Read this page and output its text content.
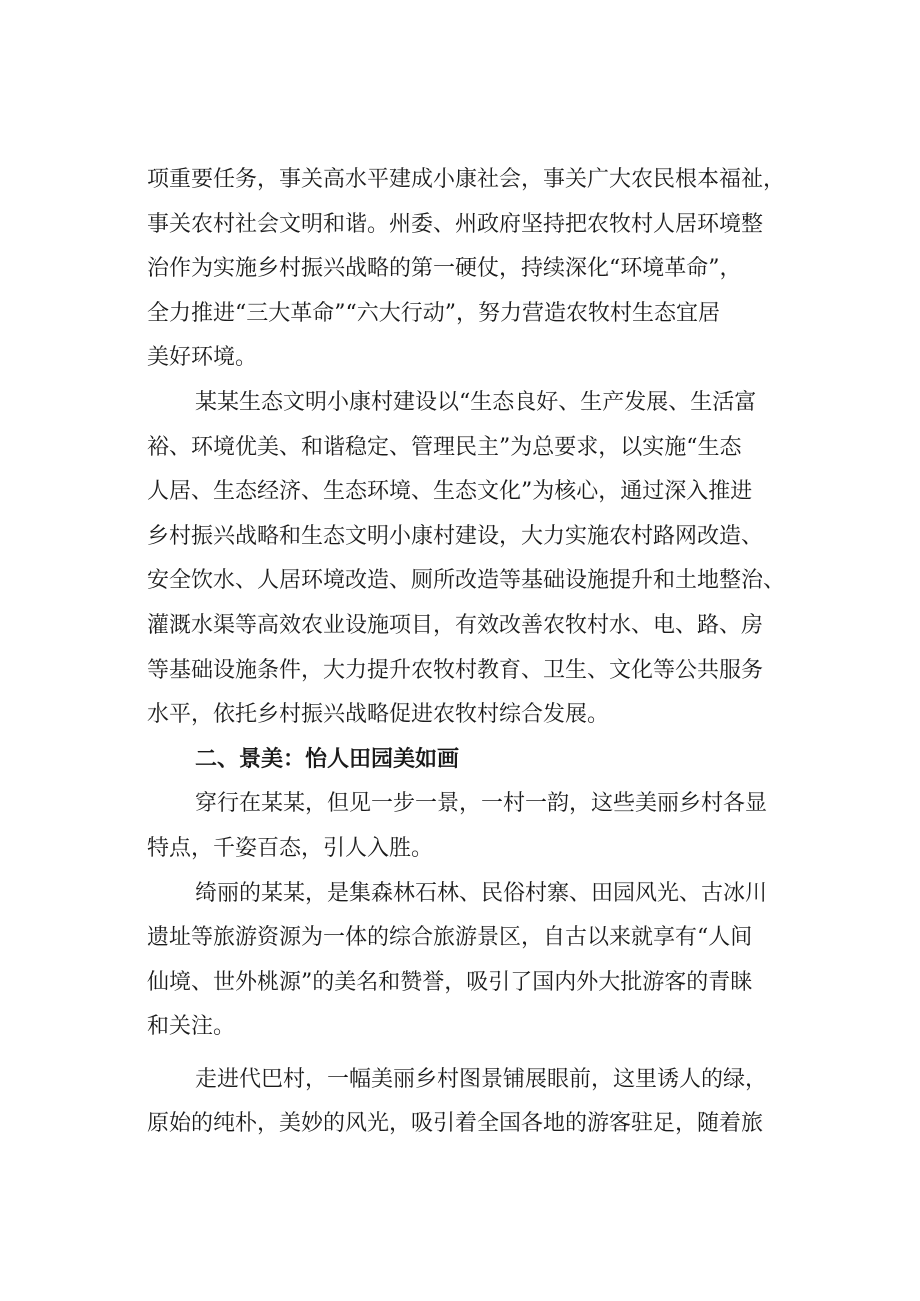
项重要任务，事关高水平建成小康社会，事关广大农民根本福祉，
事关农村社会文明和谐。州委、州政府坚持把农牧村人居环境整
治作为实施乡村振兴战略的第一硬仗，持续深化“环境革命”，
全力推进“三大革命”“六大行动”，努力营造农牧村生态宜居
美好环境。
某某生态文明小康村建设以“生态良好、生产发展、生活富
裕、环境优美、和谐稳定、管理民主”为总要求，以实施“生态
人居、生态经济、生态环境、生态文化”为核心，通过深入推进
乡村振兴战略和生态文明小康村建设，大力实施农村路网改造、
安全饮水、人居环境改造、厕所改造等基础设施提升和土地整治、
灌溉水渠等高效农业设施项目，有效改善农牧村水、电、路、房
等基础设施条件，大力提升农牧村教育、卫生、文化等公共服务
水平，依托乡村振兴战略促进农牧村综合发展。
二、景美：怡人田园美如画
穿行在某某，但见一步一景，一村一韵，这些美丽乡村各显
特点，千姿百态，引人入胜。
绮丽的某某，是集森林石林、民俗村寨、田园风光、古冰川
遗址等旅游资源为一体的综合旅游景区，自古以来就享有“人间
仙境、世外桃源”的美名和赞誉，吸引了国内外大批游客的青睐
和关注。
走进代巴村，一幅美丽乡村图景铺展眼前，这里诱人的绿，
原始的纯朴，美妙的风光，吸引着全国各地的游客驻足，随着旅
